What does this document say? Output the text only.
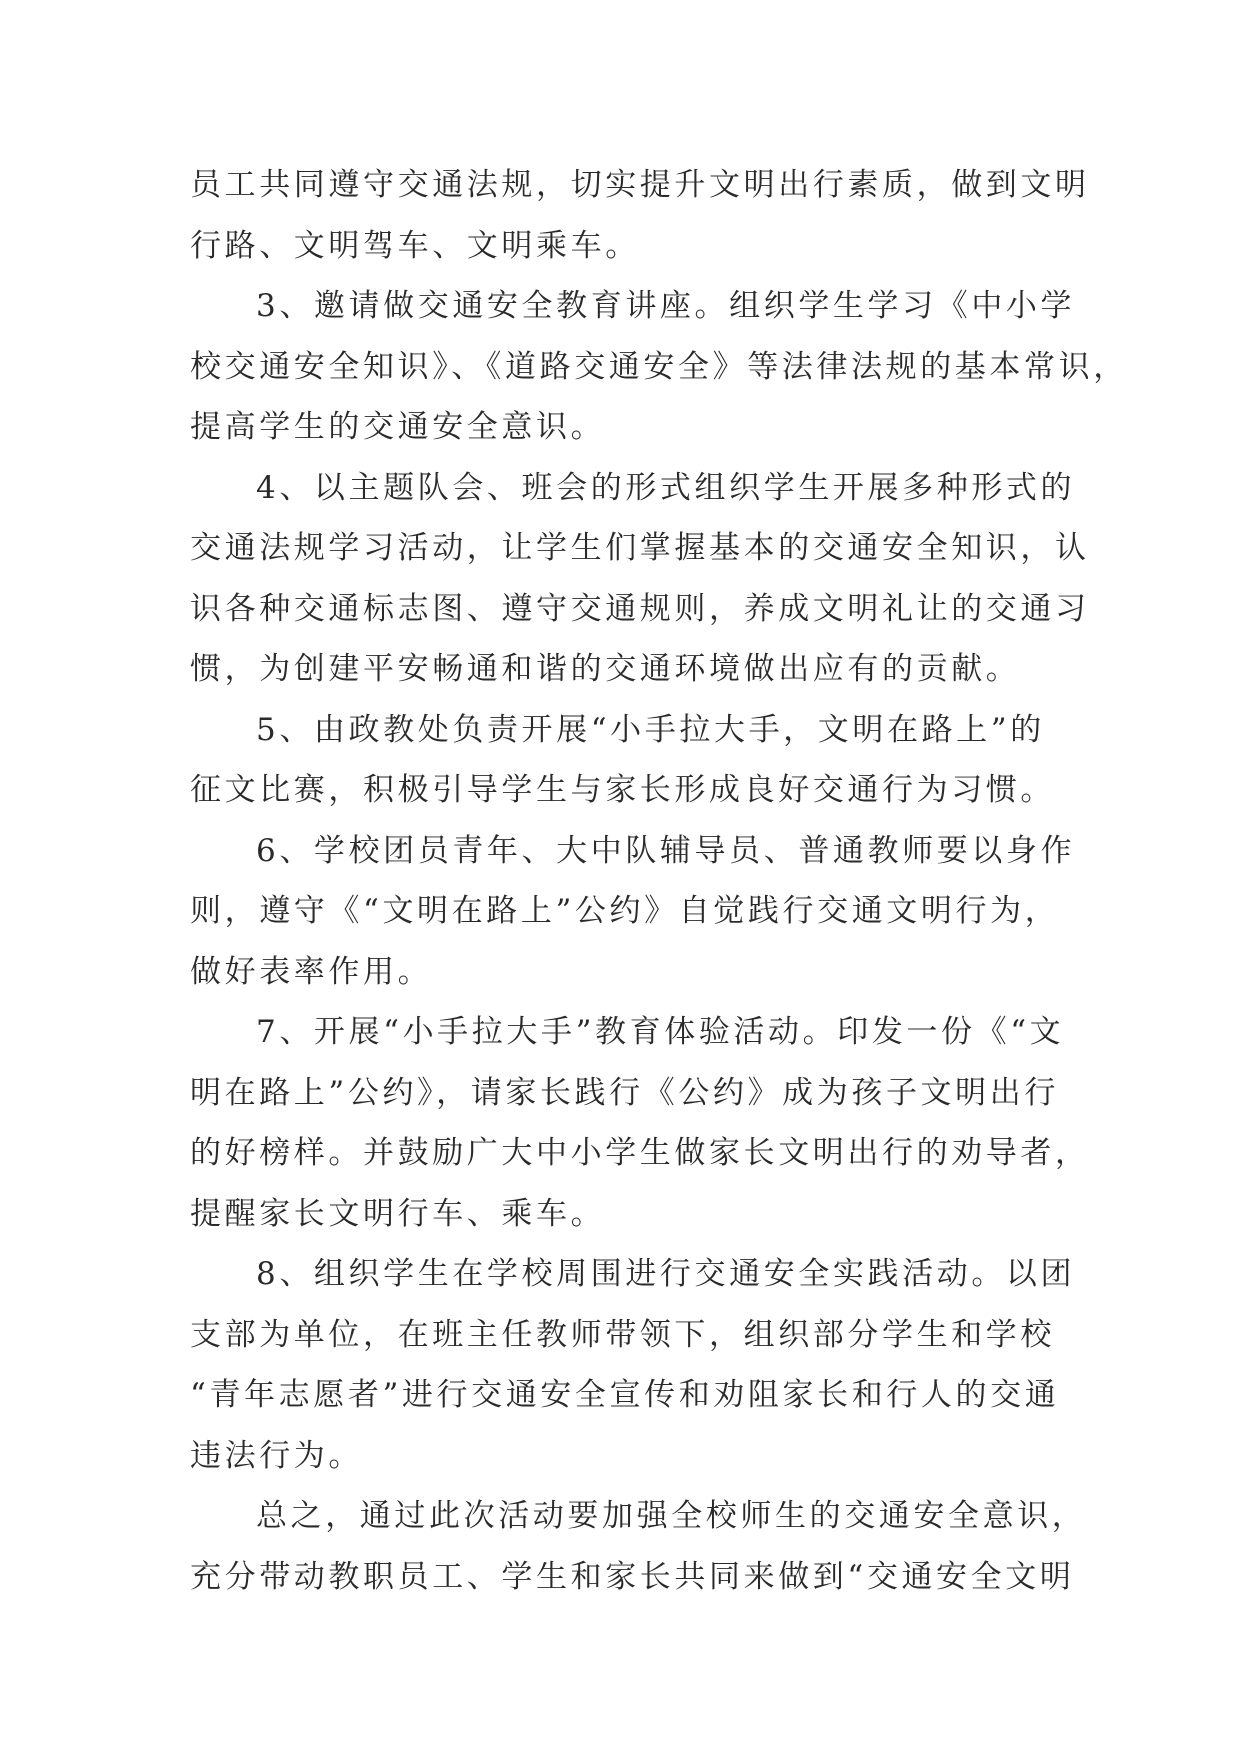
员工共同遵守交通法规，切实提升文明出行素质，做到文明
行路、文明驾车、文明乘车。
3、邀请做交通安全教育讲座。组织学生学习《中小学
校交通安全知识》、《道路交通安全》等法律法规的基本常识，
提高学生的交通安全意识。
4、以主题队会、班会的形式组织学生开展多种形式的
交通法规学习活动，让学生们掌握基本的交通安全知识，认
识各种交通标志图、遵守交通规则，养成文明礼让的交通习
惯，为创建平安畅通和谐的交通环境做出应有的贡献。
5、由政教处负责开展“小手拉大手，文明在路上”的
征文比赛，积极引导学生与家长形成良好交通行为习惯。
6、学校团员青年、大中队辅导员、普通教师要以身作
则，遵守《“文明在路上”公约》自觉践行交通文明行为，
做好表率作用。
7、开展“小手拉大手”教育体验活动。印发一份《“文
明在路上”公约》，请家长践行《公约》成为孩子文明出行
的好榜样。并鼓励广大中小学生做家长文明出行的劝导者，
提醒家长文明行车、乘车。
8、组织学生在学校周围进行交通安全实践活动。以团
支部为单位，在班主任教师带领下，组织部分学生和学校
“青年志愿者”进行交通安全宣传和劝阻家长和行人的交通
违法行为。
总之，通过此次活动要加强全校师生的交通安全意识，
充分带动教职员工、学生和家长共同来做到“交通安全文明
